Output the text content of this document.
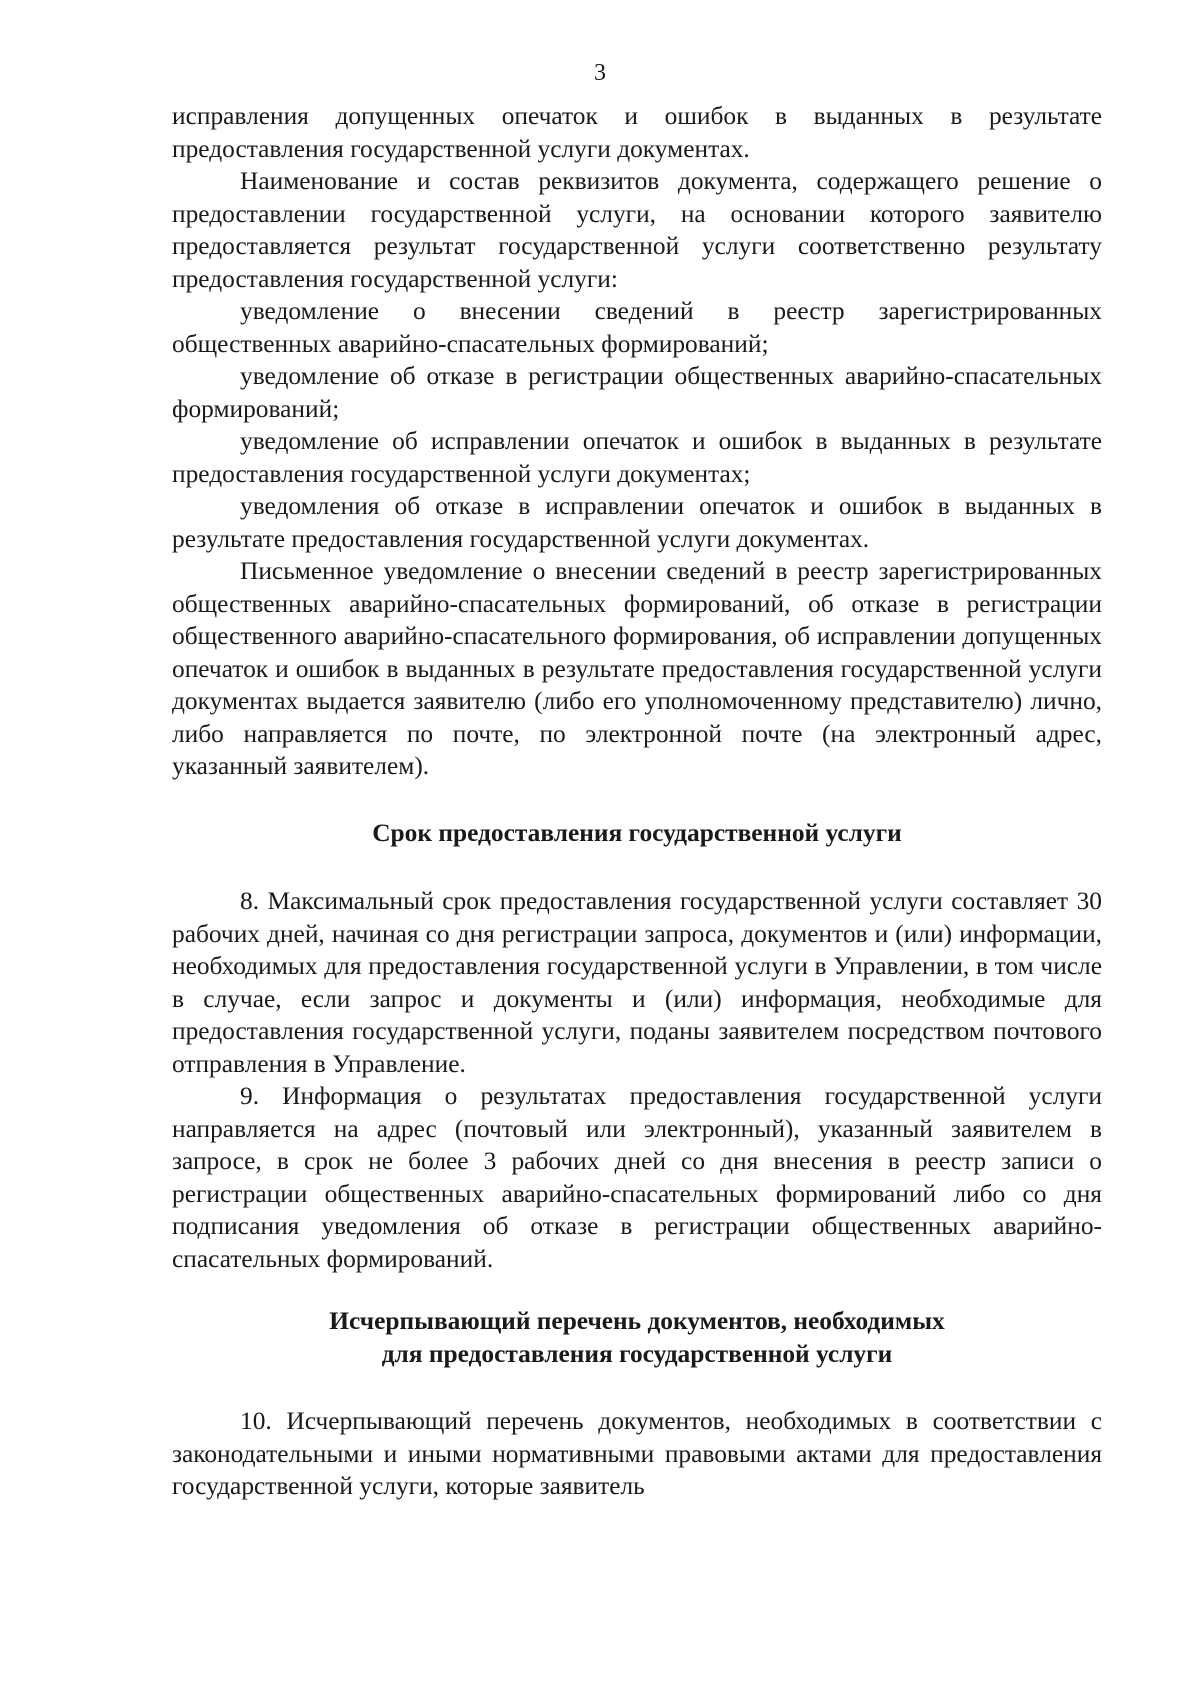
3

исправления допущенных опечаток и ошибок в выданных в результате предоставления государственной услуги документах.

Наименование и состав реквизитов документа, содержащего решение о предоставлении государственной услуги, на основании которого заявителю предоставляется результат государственной услуги соответственно результату предоставления государственной услуги:

уведомление о внесении сведений в реестр зарегистрированных общественных аварийно-спасательных формирований;

уведомление об отказе в регистрации общественных аварийно-спасательных формирований;

уведомление об исправлении опечаток и ошибок в выданных в результате предоставления государственной услуги документах;

уведомления об отказе в исправлении опечаток и ошибок в выданных в результате предоставления государственной услуги документах.

Письменное уведомление о внесении сведений в реестр зарегистрированных общественных аварийно-спасательных формирований, об отказе в регистрации общественного аварийно-спасательного формирования, об исправлении допущенных опечаток и ошибок в выданных в результате предоставления государственной услуги документах выдается заявителю (либо его уполномоченному представителю) лично, либо направляется по почте, по электронной почте (на электронный адрес, указанный заявителем).

Срок предоставления государственной услуги

8. Максимальный срок предоставления государственной услуги составляет 30 рабочих дней, начиная со дня регистрации запроса, документов и (или) информации, необходимых для предоставления государственной услуги в Управлении, в том числе в случае, если запрос и документы и (или) информация, необходимые для предоставления государственной услуги, поданы заявителем посредством почтового отправления в Управление.

9. Информация о результатах предоставления государственной услуги направляется на адрес (почтовый или электронный), указанный заявителем в запросе, в срок не более 3 рабочих дней со дня внесения в реестр записи о регистрации общественных аварийно-спасательных формирований либо со дня подписания уведомления об отказе в регистрации общественных аварийно-спасательных формирований.

Исчерпывающий перечень документов, необходимых
для предоставления государственной услуги

10. Исчерпывающий перечень документов, необходимых в соответствии с законодательными и иными нормативными правовыми актами для предоставления государственной услуги, которые заявитель
